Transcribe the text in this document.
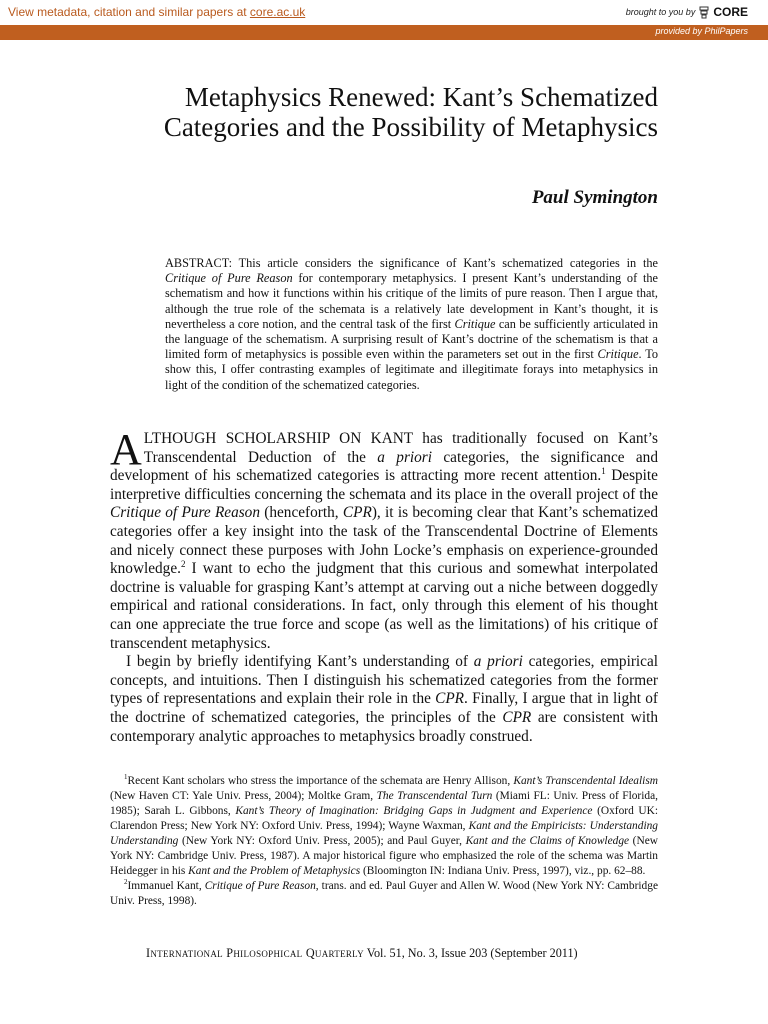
View metadata, citation and similar papers at core.ac.uk	brought to you by CORE
provided by PhilPapers
Metaphysics Renewed: Kant’s Schematized
Categories and the Possibility of Metaphysics
Paul Symington
ABSTRACT: This article considers the significance of Kant’s schematized categories in the Critique of Pure Reason for contemporary metaphysics. I present Kant’s understanding of the schematism and how it functions within his critique of the limits of pure reason. Then I argue that, although the true role of the schemata is a relatively late development in Kant’s thought, it is nevertheless a core notion, and the central task of the first Critique can be sufficiently articulated in the language of the schematism. A surprising result of Kant’s doctrine of the schematism is that a limited form of metaphysics is possible even within the parameters set out in the first Critique. To show this, I offer contrasting examples of legitimate and illegitimate forays into metaphysics in light of the condition of the schematized categories.

ALTHOUGH SCHOLARSHIP ON KANT has traditionally focused on Kant’s Transcendental Deduction of the a priori categories, the significance and development of his schematized categories is attracting more recent attention.$^1$ Despite interpretive difficulties concerning the schemata and its place in the overall project of the Critique of Pure Reason (henceforth, CPR), it is becoming clear that Kant’s schematized categories offer a key insight into the task of the Transcendental Doctrine of Elements and nicely connect these purposes with John Locke’s emphasis on experience-grounded knowledge.$^2$ I want to echo the judgment that this curious and somewhat interpolated doctrine is valuable for grasping Kant’s attempt at carving out a niche between doggedly empirical and rational considerations. In fact, only through this element of his thought can one appreciate the true force and scope (as well as the limitations) of his critique of transcendent metaphysics.

I begin by briefly identifying Kant’s understanding of a priori categories, empirical concepts, and intuitions. Then I distinguish his schematized categories from the former types of representations and explain their role in the CPR. Finally, I argue that in light of the doctrine of schematized categories, the principles of the CPR are consistent with contemporary analytic approaches to metaphysics broadly construed.

$^1$Recent Kant scholars who stress the importance of the schemata are Henry Allison, Kant’s Transcendental Idealism (New Haven CT: Yale Univ. Press, 2004); Moltke Gram, The Transcendental Turn (Miami FL: Univ. Press of Florida, 1985); Sarah L. Gibbons, Kant’s Theory of Imagination: Bridging Gaps in Judgment and Experience (Oxford UK: Clarendon Press; New York NY: Oxford Univ. Press, 1994); Wayne Waxman, Kant and the Empiricists: Understanding Understanding (New York NY: Oxford Univ. Press, 2005); and Paul Guyer, Kant and the Claims of Knowledge (New York NY: Cambridge Univ. Press, 1987). A major historical figure who emphasized the role of the schema was Martin Heidegger in his Kant and the Problem of Metaphysics (Bloomington IN: Indiana Univ. Press, 1997), viz., pp. 62–88.

$^2$Immanuel Kant, Critique of Pure Reason, trans. and ed. Paul Guyer and Allen W. Wood (New York NY: Cambridge Univ. Press, 1998).

International Philosophical Quarterly Vol. 51, No. 3, Issue 203 (September 2011)
